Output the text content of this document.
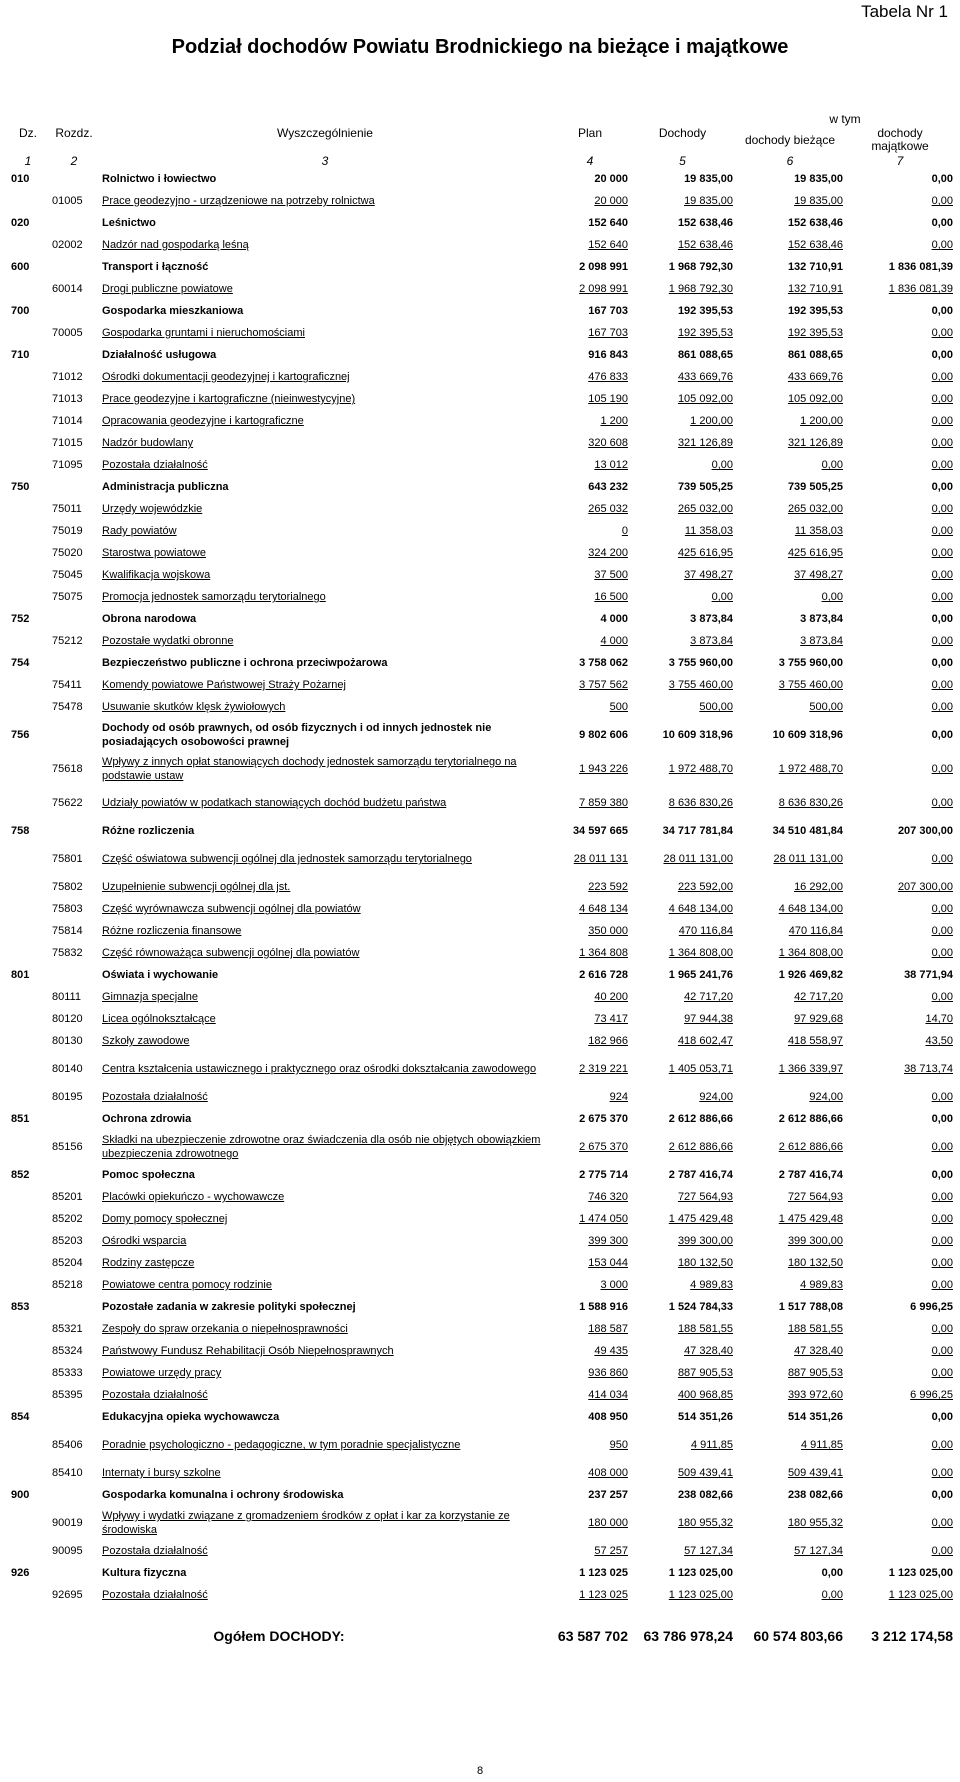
Tabela Nr 1
Podział dochodów Powiatu Brodnickiego na bieżące i majątkowe
Dz.	Rozdz.	Wyszczególnienie	Plan	Dochody	w tym	
					dochody bieżące	dochody majątkowe
1	2	3	4	5	6	7
010		Rolnictwo i łowiectwo	20 000	19 835,00	19 835,00	0,00
	01005	Prace geodezyjno - urządzeniowe na potrzeby rolnictwa	20 000	19 835,00	19 835,00	0,00
020		Leśnictwo	152 640	152 638,46	152 638,46	0,00
	02002	Nadzór nad gospodarką leśną	152 640	152 638,46	152 638,46	0,00
600		Transport i łączność	2 098 991	1 968 792,30	132 710,91	1 836 081,39
	60014	Drogi publiczne powiatowe	2 098 991	1 968 792,30	132 710,91	1 836 081,39
700		Gospodarka mieszkaniowa	167 703	192 395,53	192 395,53	0,00
	70005	Gospodarka gruntami i nieruchomościami	167 703	192 395,53	192 395,53	0,00
710		Działalność usługowa	916 843	861 088,65	861 088,65	0,00
	71012	Ośrodki dokumentacji geodezyjnej i kartograficznej	476 833	433 669,76	433 669,76	0,00
	71013	Prace geodezyjne i kartograficzne (nieinwestycyjne)	105 190	105 092,00	105 092,00	0,00
	71014	Opracowania geodezyjne i kartograficzne	1 200	1 200,00	1 200,00	0,00
	71015	Nadzór budowlany	320 608	321 126,89	321 126,89	0,00
	71095	Pozostała działalność	13 012	0,00	0,00	0,00
750		Administracja publiczna	643 232	739 505,25	739 505,25	0,00
	75011	Urzędy wojewódzkie	265 032	265 032,00	265 032,00	0,00
	75019	Rady powiatów	0	11 358,03	11 358,03	0,00
	75020	Starostwa powiatowe	324 200	425 616,95	425 616,95	0,00
	75045	Kwalifikacja wojskowa	37 500	37 498,27	37 498,27	0,00
	75075	Promocja jednostek samorządu terytorialnego	16 500	0,00	0,00	0,00
752		Obrona narodowa	4 000	3 873,84	3 873,84	0,00
	75212	Pozostałe wydatki obronne	4 000	3 873,84	3 873,84	0,00
754		Bezpieczeństwo publiczne i ochrona przeciwpożarowa	3 758 062	3 755 960,00	3 755 960,00	0,00
	75411	Komendy powiatowe Państwowej Straży Pożarnej	3 757 562	3 755 460,00	3 755 460,00	0,00
	75478	Usuwanie skutków klęsk żywiołowych	500	500,00	500,00	0,00
756		Dochody od osób prawnych, od osób fizycznych i od innych jednostek nie posiadających osobowości prawnej	9 802 606	10 609 318,96	10 609 318,96	0,00
	75618	Wpływy z innych opłat stanowiących dochody jednostek samorządu terytorialnego na podstawie ustaw	1 943 226	1 972 488,70	1 972 488,70	0,00
	75622	Udziały powiatów w podatkach stanowiących dochód budżetu państwa	7 859 380	8 636 830,26	8 636 830,26	0,00
758		Różne rozliczenia	34 597 665	34 717 781,84	34 510 481,84	207 300,00
	75801	Część oświatowa subwencji ogólnej dla jednostek samorządu terytorialnego	28 011 131	28 011 131,00	28 011 131,00	0,00
	75802	Uzupełnienie subwencji ogólnej dla jst.	223 592	223 592,00	16 292,00	207 300,00
	75803	Część wyrównawcza subwencji ogólnej dla powiatów	4 648 134	4 648 134,00	4 648 134,00	0,00
	75814	Różne rozliczenia finansowe	350 000	470 116,84	470 116,84	0,00
	75832	Część równoważąca subwencji ogólnej dla powiatów	1 364 808	1 364 808,00	1 364 808,00	0,00
801		Oświata i wychowanie	2 616 728	1 965 241,76	1 926 469,82	38 771,94
	80111	Gimnazja specjalne	40 200	42 717,20	42 717,20	0,00
	80120	Licea ogólnokształcące	73 417	97 944,38	97 929,68	14,70
	80130	Szkoły zawodowe	182 966	418 602,47	418 558,97	43,50
	80140	Centra kształcenia ustawicznego i praktycznego oraz ośrodki dokształcania zawodowego	2 319 221	1 405 053,71	1 366 339,97	38 713,74
	80195	Pozostała działalność	924	924,00	924,00	0,00
851		Ochrona zdrowia	2 675 370	2 612 886,66	2 612 886,66	0,00
	85156	Składki na ubezpieczenie zdrowotne oraz świadczenia dla osób nie objętych obowiązkiem ubezpieczenia zdrowotnego	2 675 370	2 612 886,66	2 612 886,66	0,00
852		Pomoc społeczna	2 775 714	2 787 416,74	2 787 416,74	0,00
	85201	Placówki opiekuńczo - wychowawcze	746 320	727 564,93	727 564,93	0,00
	85202	Domy pomocy społecznej	1 474 050	1 475 429,48	1 475 429,48	0,00
	85203	Ośrodki wsparcia	399 300	399 300,00	399 300,00	0,00
	85204	Rodziny zastępcze	153 044	180 132,50	180 132,50	0,00
	85218	Powiatowe centra pomocy rodzinie	3 000	4 989,83	4 989,83	0,00
853		Pozostałe zadania w zakresie polityki społecznej	1 588 916	1 524 784,33	1 517 788,08	6 996,25
	85321	Zespoły do spraw orzekania o niepełnosprawności	188 587	188 581,55	188 581,55	0,00
	85324	Państwowy Fundusz Rehabilitacji Osób Niepełnosprawnych	49 435	47 328,40	47 328,40	0,00
	85333	Powiatowe urzędy pracy	936 860	887 905,53	887 905,53	0,00
	85395	Pozostała działalność	414 034	400 968,85	393 972,60	6 996,25
854		Edukacyjna opieka wychowawcza	408 950	514 351,26	514 351,26	0,00
	85406	Poradnie psychologiczno - pedagogiczne, w tym poradnie specjalistyczne	950	4 911,85	4 911,85	0,00
	85410	Internaty i bursy szkolne	408 000	509 439,41	509 439,41	0,00
900		Gospodarka komunalna i ochrony środowiska	237 257	238 082,66	238 082,66	0,00
	90019	Wpływy i wydatki związane z gromadzeniem środków z opłat i kar za korzystanie ze środowiska	180 000	180 955,32	180 955,32	0,00
	90095	Pozostała działalność	57 257	57 127,34	57 127,34	0,00
926		Kultura fizyczna	1 123 025	1 123 025,00	0,00	1 123 025,00
	92695	Pozostała działalność	1 123 025	1 123 025,00	0,00	1 123 025,00
Ogółem DOCHODY:			63 587 702	63 786 978,24	60 574 803,66	3 212 174,58
8
